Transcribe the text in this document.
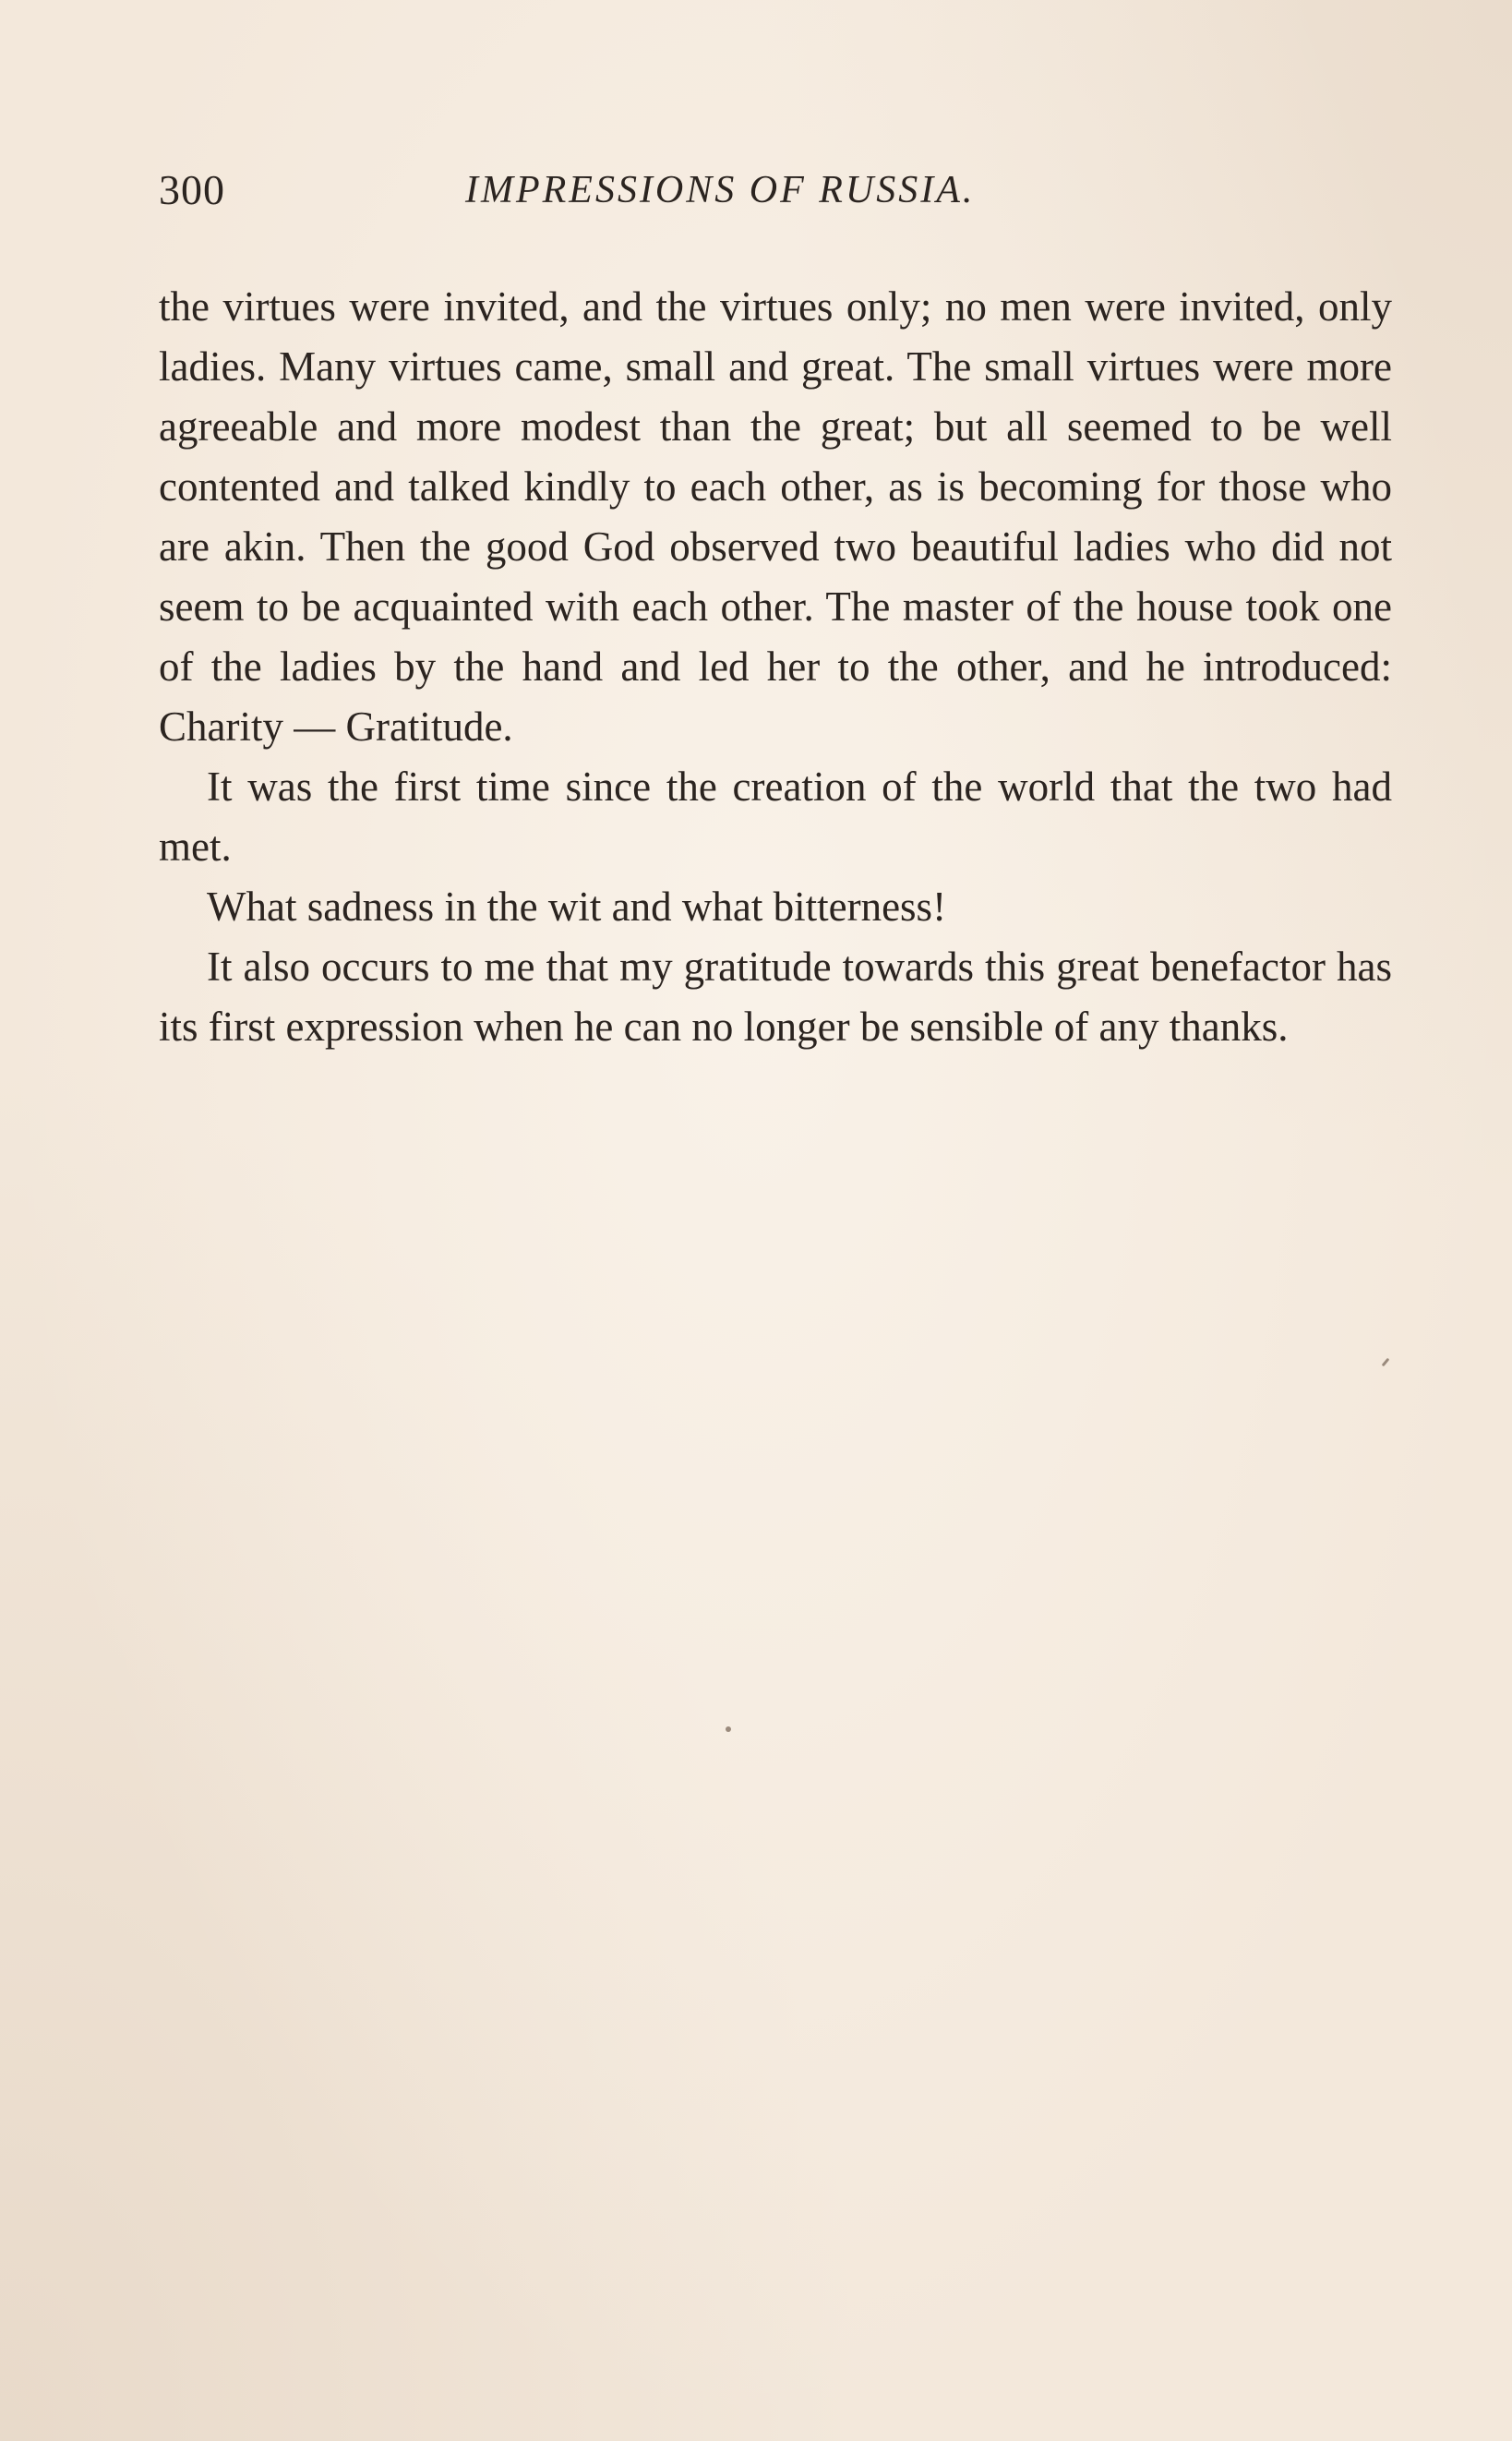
300	IMPRESSIONS OF RUSSIA.

the virtues were invited, and the virtues only; no men were invited, only ladies. Many virtues came, small and great. The small virtues were more agreeable and more modest than the great; but all seemed to be well contented and talked kindly to each other, as is becoming for those who are akin. Then the good God observed two beautiful ladies who did not seem to be acquainted with each other. The master of the house took one of the ladies by the hand and led her to the other, and he introduced: Charity — Gratitude.

It was the first time since the creation of the world that the two had met.

What sadness in the wit and what bitterness!

It also occurs to me that my gratitude towards this great benefactor has its first expression when he can no longer be sensible of any thanks.
